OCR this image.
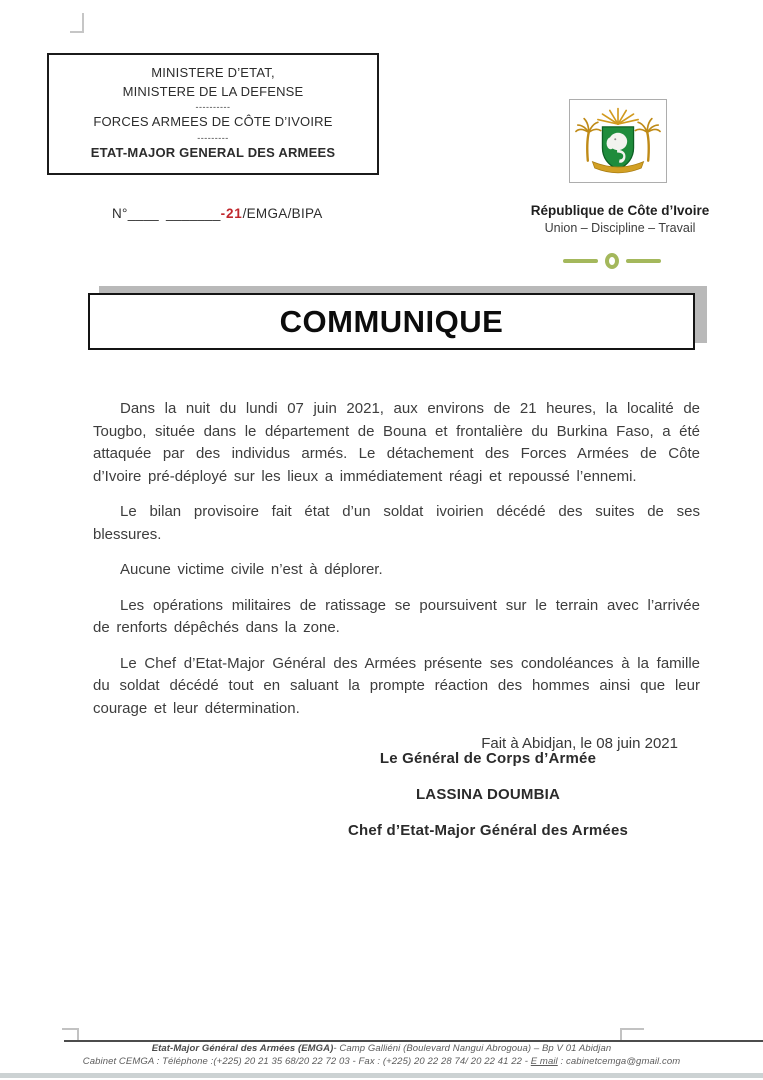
MINISTERE D’ETAT,
MINISTERE DE LA DEFENSE
----------
FORCES ARMEES DE CÔTE D’IVOIRE
---------
ETAT-MAJOR GENERAL DES ARMEES
République de Côte d’Ivoire
Union – Discipline – Travail
N°____ _______-21/EMGA/BIPA
COMMUNIQUE

Dans la nuit du lundi 07 juin 2021, aux environs de 21 heures, la localité de Tougbo, située dans le département de Bouna et frontalière du Burkina Faso, a été attaquée par des individus armés. Le détachement des Forces Armées de Côte d’Ivoire pré-déployé sur les lieux a immédiatement réagi et repoussé l’ennemi.

Le bilan provisoire fait état d’un soldat ivoirien décédé des suites de ses blessures.

Aucune victime civile n’est à déplorer.

Les opérations militaires de ratissage se poursuivent sur le terrain avec l’arrivée de renforts dépêchés dans la zone.

Le Chef d’Etat-Major Général des Armées présente ses condoléances à la famille du soldat décédé tout en saluant la prompte réaction des hommes ainsi que leur courage et leur détermination.

Fait à Abidjan, le 08 juin 2021

Le Général de Corps d’Armée
LASSINA DOUMBIA
Chef d’Etat-Major Général des Armées
Etat-Major Général des Armées (EMGA)- Camp Galliéni (Boulevard Nangui Abrogoua) – Bp V 01 Abidjan
Cabinet CEMGA : Téléphone :(+225) 20 21 35 68/20 22 72 03 - Fax : (+225) 20 22 28 74/ 20 22 41 22 - E mail : cabinetcemga@gmail.com
